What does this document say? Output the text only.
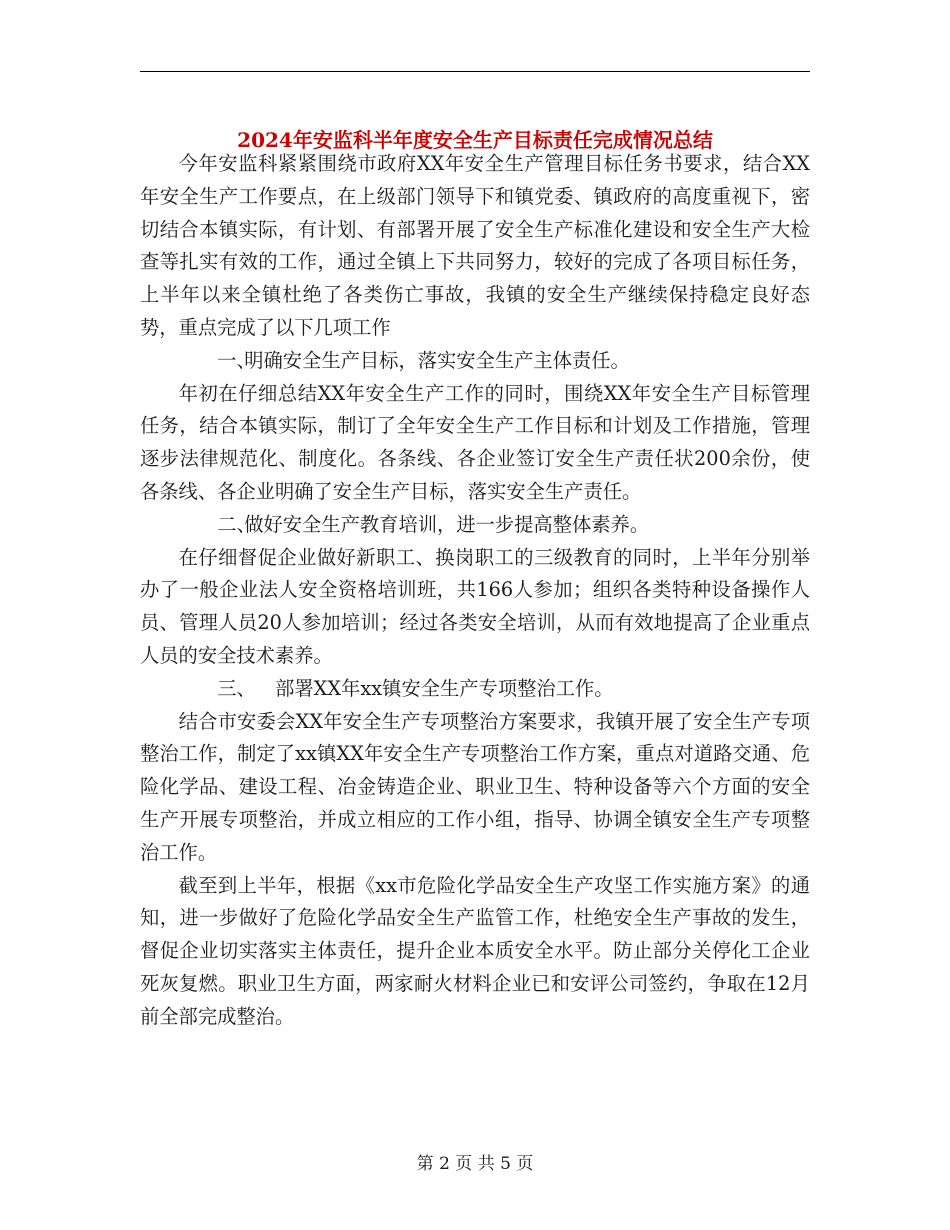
2024年安监科半年度安全生产目标责任完成情况总结

今年安监科紧紧围绕市政府XX年安全生产管理目标任务书要求，结合XX年安全生产工作要点，在上级部门领导下和镇党委、镇政府的高度重视下，密切结合本镇实际，有计划、有部署开展了安全生产标准化建设和安全生产大检查等扎实有效的工作，通过全镇上下共同努力，较好的完成了各项目标任务，上半年以来全镇杜绝了各类伤亡事故，我镇的安全生产继续保持稳定良好态势，重点完成了以下几项工作

一、明确安全生产目标，落实安全生产主体责任。

年初在仔细总结XX年安全生产工作的同时，围绕XX年安全生产目标管理任务，结合本镇实际，制订了全年安全生产工作目标和计划及工作措施，管理逐步法律规范化、制度化。各条线、各企业签订安全生产责任状200余份，使各条线、各企业明确了安全生产目标，落实安全生产责任。

二、做好安全生产教育培训，进一步提高整体素养。

在仔细督促企业做好新职工、换岗职工的三级教育的同时，上半年分别举办了一般企业法人安全资格培训班，共166人参加；组织各类特种设备操作人员、管理人员20人参加培训；经过各类安全培训，从而有效地提高了企业重点人员的安全技术素养。

三、 部署XX年xx镇安全生产专项整治工作。

结合市安委会XX年安全生产专项整治方案要求，我镇开展了安全生产专项整治工作，制定了xx镇XX年安全生产专项整治工作方案，重点对道路交通、危险化学品、建设工程、冶金铸造企业、职业卫生、特种设备等六个方面的安全生产开展专项整治，并成立相应的工作小组，指导、协调全镇安全生产专项整治工作。

截至到上半年，根据《xx市危险化学品安全生产攻坚工作实施方案》的通知，进一步做好了危险化学品安全生产监管工作，杜绝安全生产事故的发生，督促企业切实落实主体责任，提升企业本质安全水平。防止部分关停化工企业死灰复燃。职业卫生方面，两家耐火材料企业已和安评公司签约，争取在12月前全部完成整治。

第 2 页 共 5 页
